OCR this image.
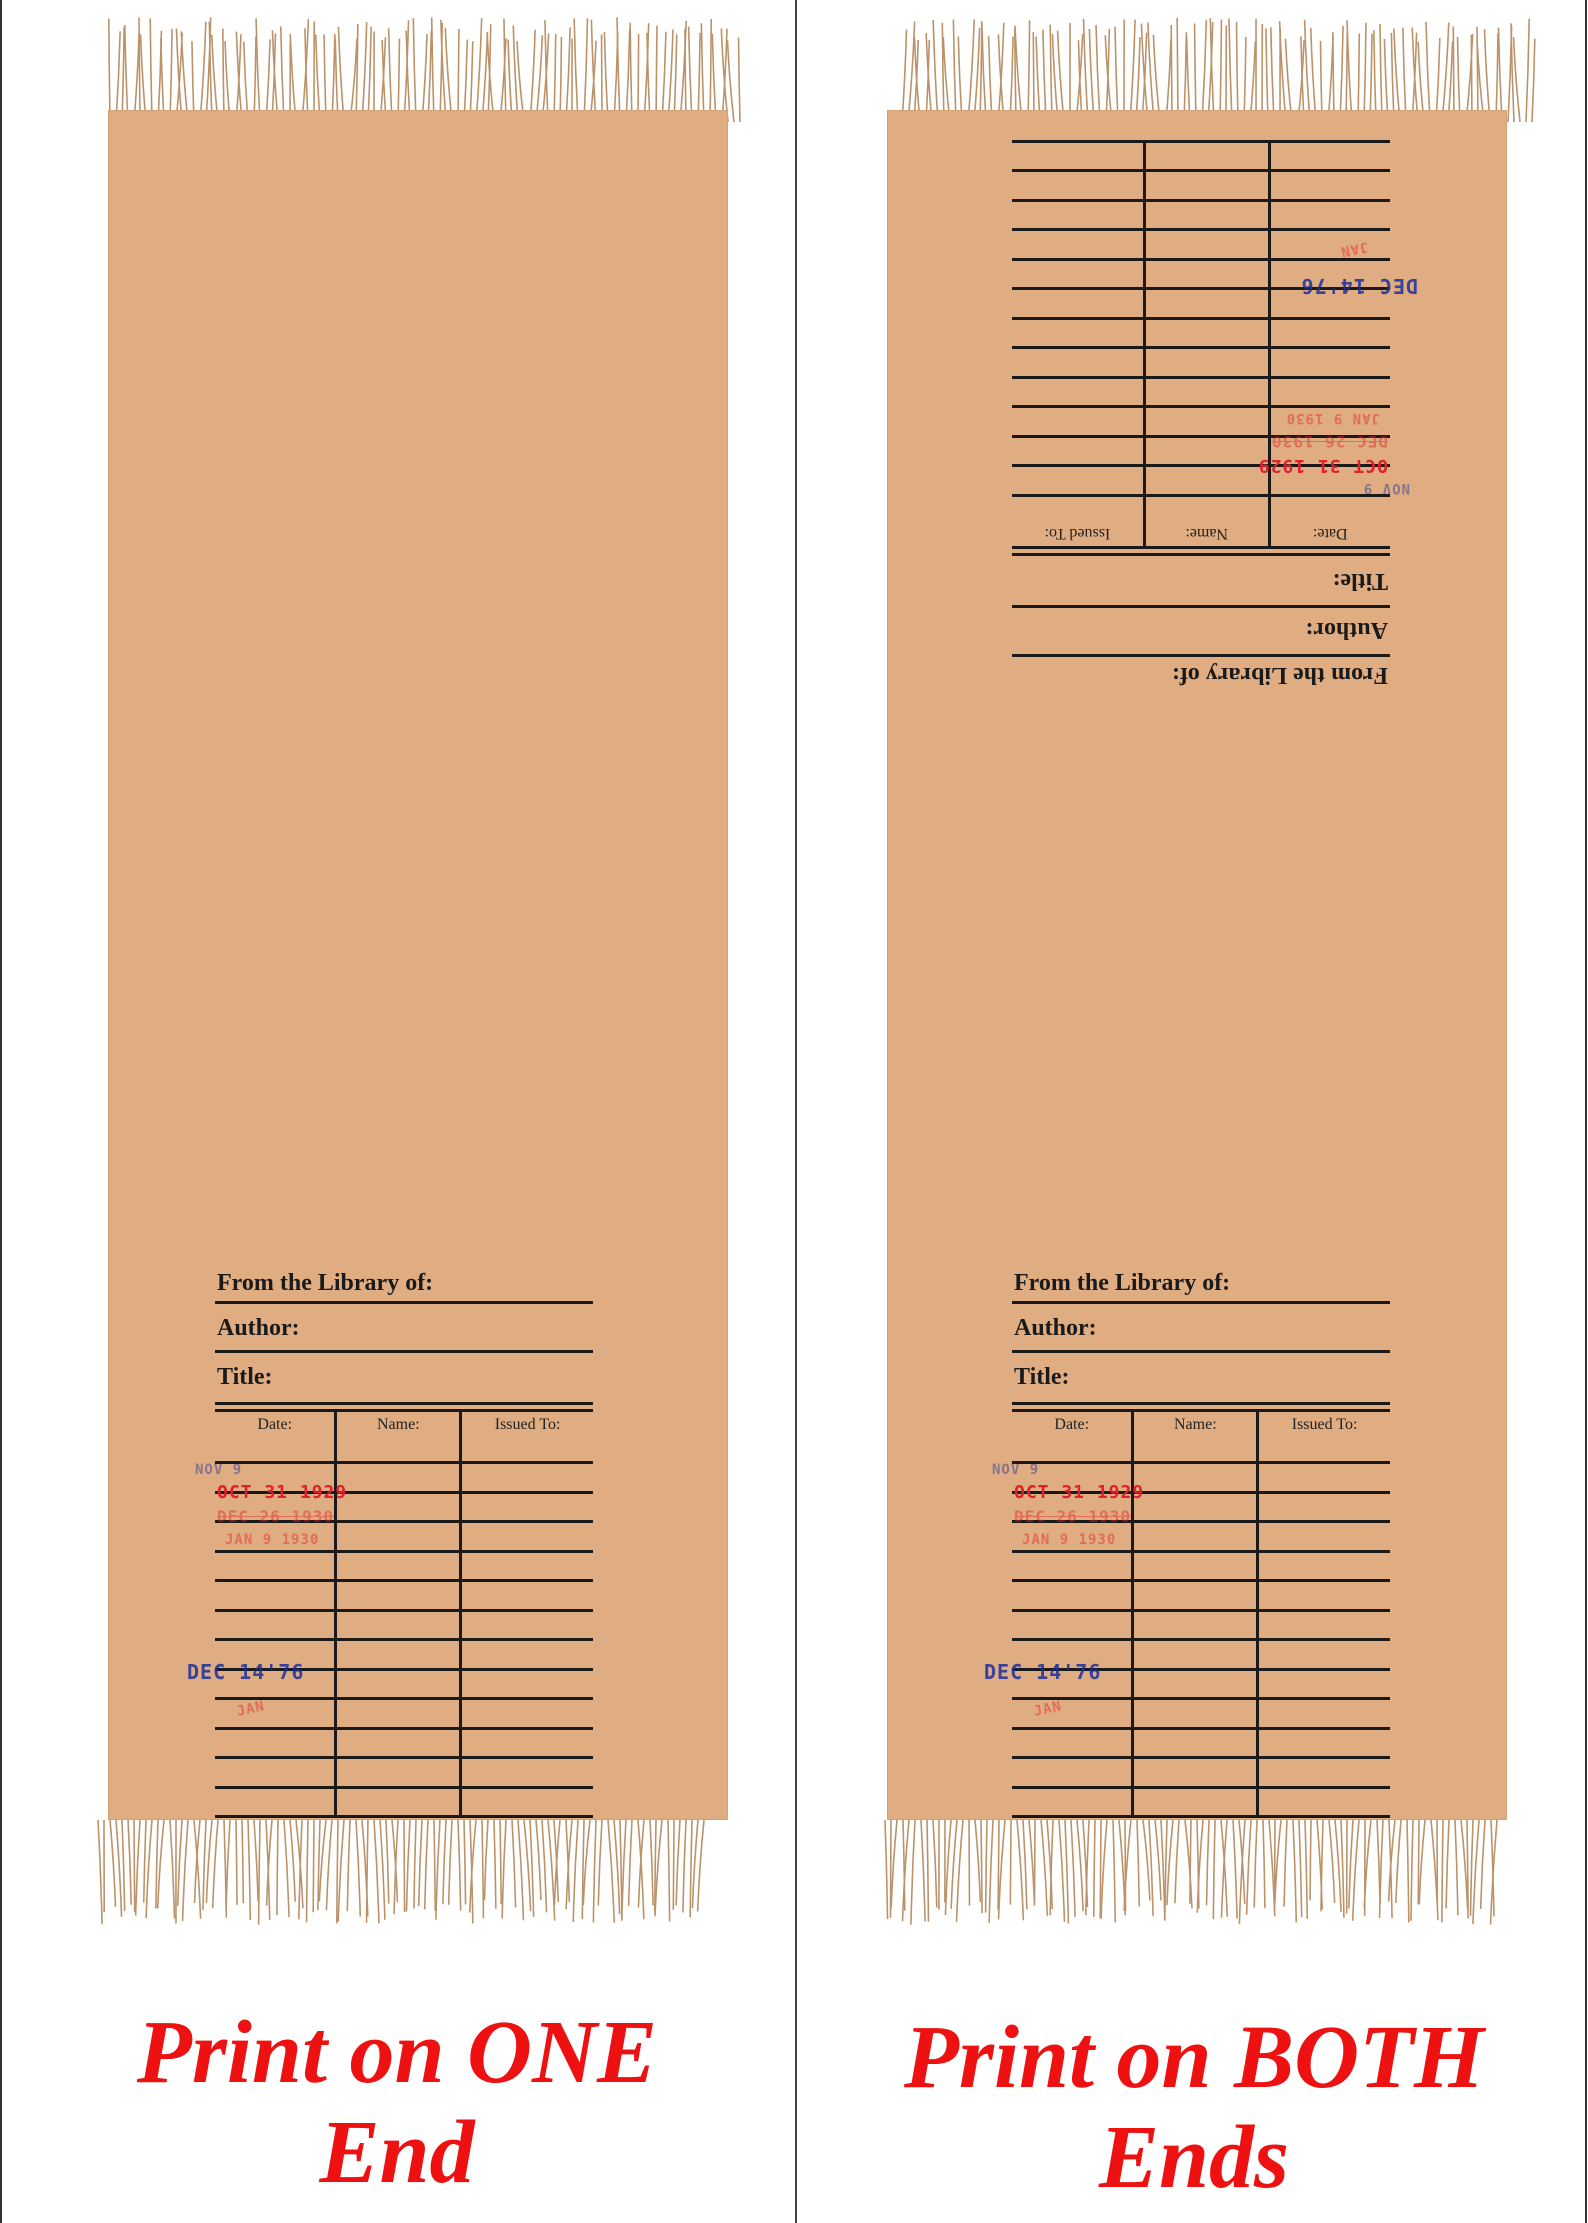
From the Library of:
Author:
Title:
Date:	Name:	Issued To:

NOV 9
OCT 31 1929
DEC 26 1930
JAN 9 1930
DEC 14'76
JAN
Print on ONE
End
From the Library of:
Author:
Title:
Date:	Name:	Issued To:

NOV 9
OCT 31 1929
DEC 26 1930
JAN 9 1930
DEC 14'76
JAN
From the Library of:
Author:
Title:
Date:	Name:	Issued To:

NOV 9
OCT 31 1929
DEC 26 1930
JAN 9 1930
DEC 14'76
JAN
Print on BOTH
Ends
